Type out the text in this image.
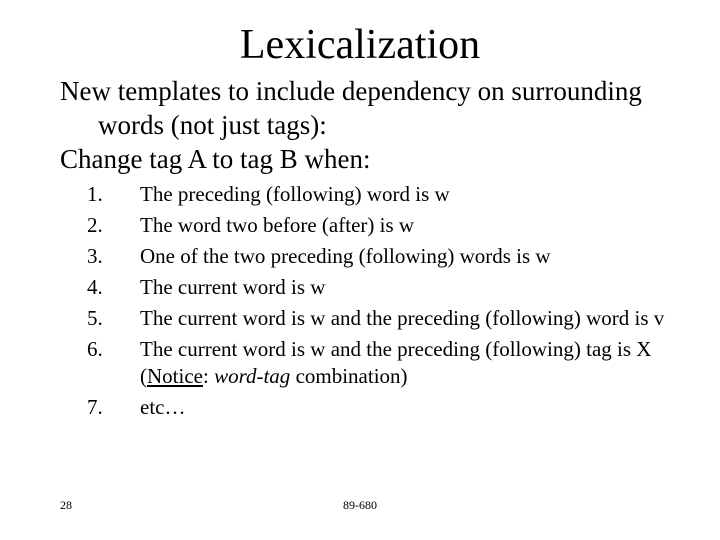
Lexicalization
New templates to include dependency on surrounding words (not just tags):
Change tag A to tag B when:
1.	The preceding (following) word is w
2.	The word two before (after) is w
3.	One of the two preceding (following) words is w
4.	The current word is w
5.	The current word is w and the preceding (following) word is v
6.	The current word is w and the preceding (following) tag is X (Notice: word-tag combination)
7.	etc…
28	89-680
